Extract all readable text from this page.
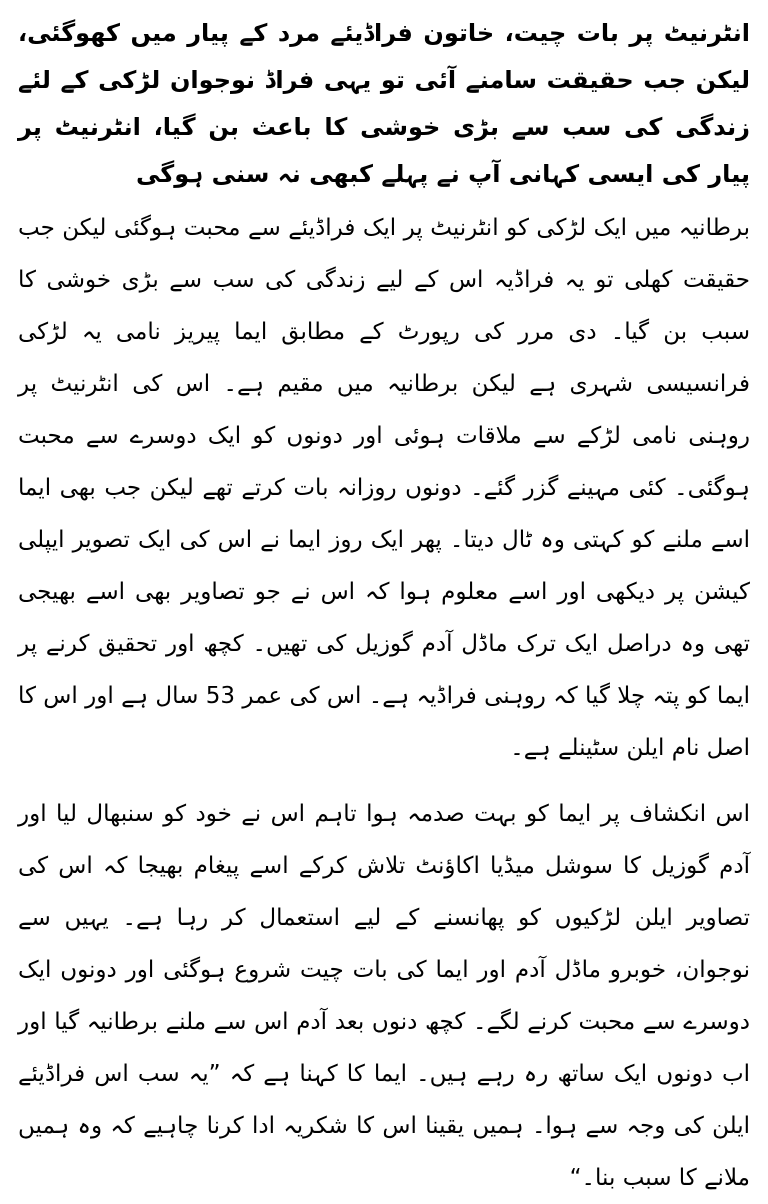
انٹرنیٹ پر بات چیت، خاتون فراڈیئے مرد کے پیار میں کھوگئی، لیکن جب حقیقت سامنے آئی تو یہی فراڈ نوجوان لڑکی کے لئے زندگی کی سب سے بڑی خوشی کا باعث بن گیا، انٹرنیٹ پر پیار کی ایسی کہانی آپ نے پہلے کبھی نہ سنی ہوگی

برطانیہ میں ایک لڑکی کو انٹرنیٹ پر ایک فراڈیئے سے محبت ہوگئی لیکن جب حقیقت کھلی تو یہ فراڈیہ اس کے لیے زندگی کی سب سے بڑی خوشی کا سبب بن گیا۔ دی مرر کی رپورٹ کے مطابق ایما پیریز نامی یہ لڑکی فرانسیسی شہری ہے لیکن برطانیہ میں مقیم ہے۔ اس کی انٹرنیٹ پر روہنی نامی لڑکے سے ملاقات ہوئی اور دونوں کو ایک دوسرے سے محبت ہوگئی۔ کئی مہینے گزر گئے۔ دونوں روزانہ بات کرتے تھے لیکن جب بھی ایما اسے ملنے کو کہتی وہ ٹال دیتا۔ پھر ایک روز ایما نے اس کی ایک تصویر ایپلی کیشن پر دیکھی اور اسے معلوم ہوا کہ اس نے جو تصاویر بھی اسے بھیجی تھی وہ دراصل ایک ترک ماڈل آدم گوزیل کی تھیں۔ کچھ اور تحقیق کرنے پر ایما کو پتہ چلا گیا کہ روہنی فراڈیہ ہے۔ اس کی عمر 53 سال ہے اور اس کا اصل نام ایلن سٹینلے ہے۔

اس انکشاف پر ایما کو بہت صدمہ ہوا تاہم اس نے خود کو سنبھال لیا اور آدم گوزیل کا سوشل میڈیا اکاﺅنٹ تلاش کرکے اسے پیغام بھیجا کہ اس کی تصاویر ایلن لڑکیوں کو پھانسنے کے لیے استعمال کر رہا ہے۔ یہیں سے نوجوان، خوبرو ماڈل آدم اور ایما کی بات چیت شروع ہوگئی اور دونوں ایک دوسرے سے محبت کرنے لگے۔ کچھ دنوں بعد آدم اس سے ملنے برطانیہ گیا اور اب دونوں ایک ساتھ رہ رہے ہیں۔ ایما کا کہنا ہے کہ ”یہ سب اس فراڈیئے ایلن کی وجہ سے ہوا۔ ہمیں یقینا اس کا شکریہ ادا کرنا چاہیے کہ وہ ہمیں ملانے کا سبب بنا۔“
